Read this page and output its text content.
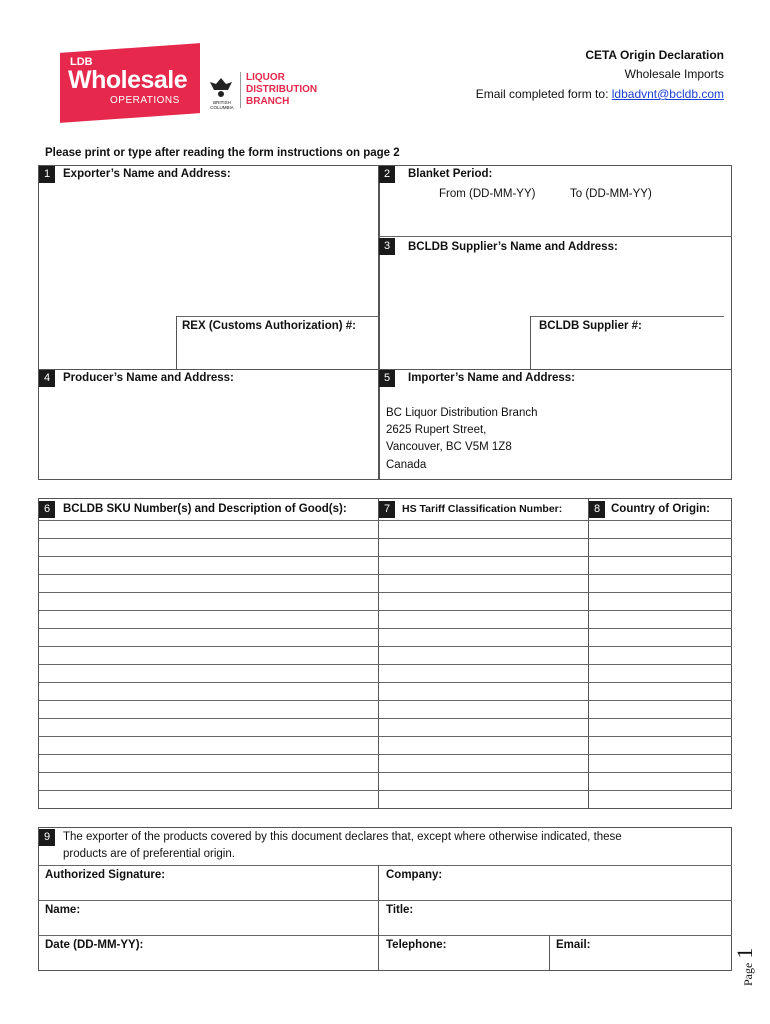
LDB
Wholesale
OPERATIONS	BRITISH COLUMBIA
LIQUOR
DISTRIBUTION
BRANCH
CETA Origin Declaration
Wholesale Imports
Email completed form to: ldbadvnt@bcldb.com
Please print or type after reading the form instructions on page 2
1	Exporter’s Name and Address:
REX (Customs Authorization) #:
2	Blanket Period:
From (DD-MM-YY)	To (DD-MM-YY)
3	BCLDB Supplier’s Name and Address:
BCLDB Supplier #:
4	Producer’s Name and Address:	5	Importer’s Name and Address:
BC Liquor Distribution Branch
2625 Rupert Street,
Vancouver, BC V5M 1Z8
Canada
6	BCLDB SKU Number(s) and Description of Good(s):	7	HS Tariff Classification Number:	8 Country of Origin:
9	The exporter of the products covered by this document declares that, except where otherwise indicated, these
products are of preferential origin.
Authorized Signature:	Company:
Name:	Title:
Date (DD-MM-YY):	Telephone:	Email:
Page 1
